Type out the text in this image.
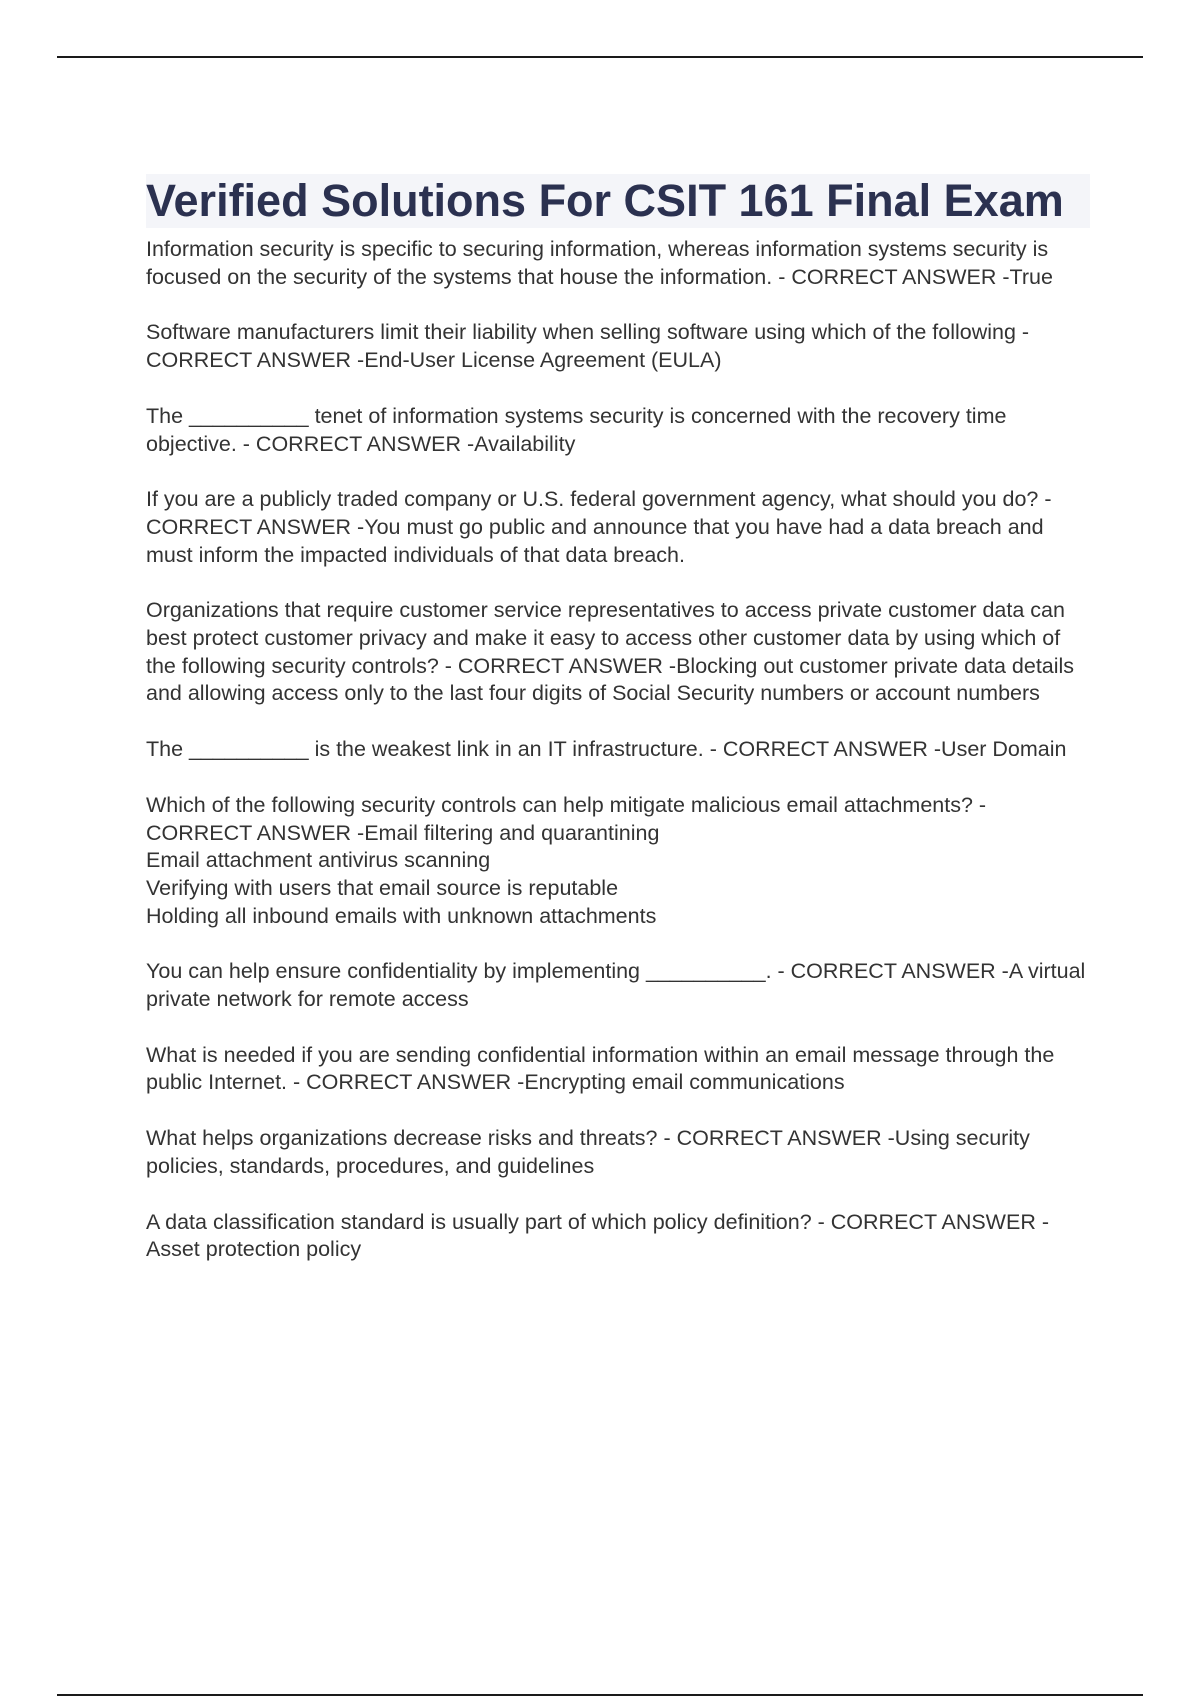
Verified Solutions For CSIT 161 Final Exam

Information security is specific to securing information, whereas information systems security is focused on the security of the systems that house the information. - CORRECT ANSWER -True

Software manufacturers limit their liability when selling software using which of the following - CORRECT ANSWER -End-User License Agreement (EULA)

The __________ tenet of information systems security is concerned with the recovery time objective. - CORRECT ANSWER -Availability

If you are a publicly traded company or U.S. federal government agency, what should you do? - CORRECT ANSWER -You must go public and announce that you have had a data breach and must inform the impacted individuals of that data breach.

Organizations that require customer service representatives to access private customer data can best protect customer privacy and make it easy to access other customer data by using which of the following security controls? - CORRECT ANSWER -Blocking out customer private data details and allowing access only to the last four digits of Social Security numbers or account numbers

The __________ is the weakest link in an IT infrastructure. - CORRECT ANSWER -User Domain

Which of the following security controls can help mitigate malicious email attachments? - CORRECT ANSWER -Email filtering and quarantining
Email attachment antivirus scanning
Verifying with users that email source is reputable
Holding all inbound emails with unknown attachments

You can help ensure confidentiality by implementing __________. - CORRECT ANSWER -A virtual private network for remote access

What is needed if you are sending confidential information within an email message through the public Internet. - CORRECT ANSWER -Encrypting email communications

What helps organizations decrease risks and threats? - CORRECT ANSWER -Using security policies, standards, procedures, and guidelines

A data classification standard is usually part of which policy definition? - CORRECT ANSWER -Asset protection policy
